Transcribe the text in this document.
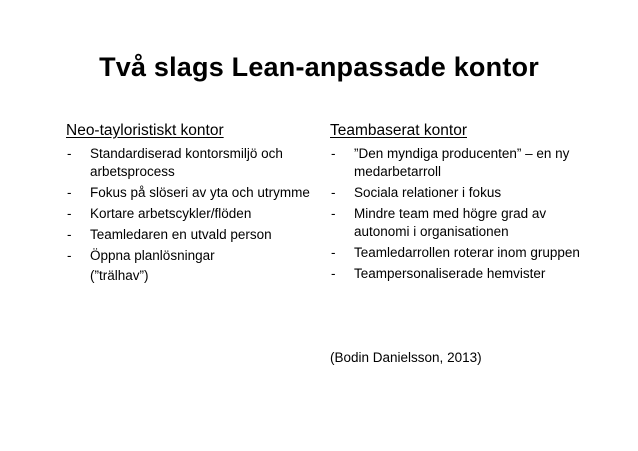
Två slags Lean-anpassade kontor
Neo-tayloristiskt kontor
- Standardiserad kontorsmiljö och arbetsprocess
- Fokus på slöseri av yta och utrymme
- Kortare arbetscykler/flöden
- Teamledaren en utvald person
- Öppna planlösningar
(”trälhav”)
Teambaserat kontor
- ”Den myndiga producenten” – en ny medarbetarroll
- Sociala relationer i fokus
- Mindre team med högre grad av autonomi i organisationen
- Teamledarrollen roterar inom gruppen
- Teampersonaliserade hemvister
(Bodin Danielsson, 2013)
